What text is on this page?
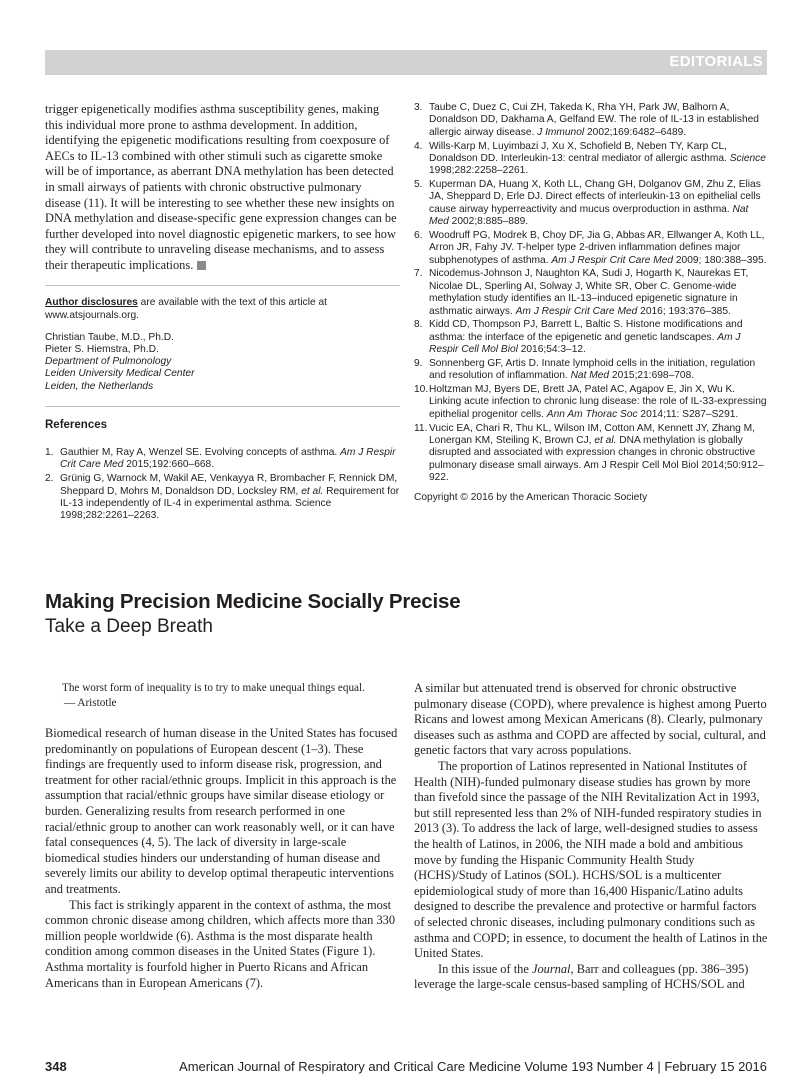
EDITORIALS

trigger epigenetically modifies asthma susceptibility genes, making this individual more prone to asthma development. In addition, identifying the epigenetic modifications resulting from coexposure of AECs to IL-13 combined with other stimuli such as cigarette smoke will be of importance, as aberrant DNA methylation has been detected in small airways of patients with chronic obstructive pulmonary disease (11). It will be interesting to see whether these new insights on DNA methylation and disease-specific gene expression changes can be further developed into novel diagnostic epigenetic markers, to see how they will contribute to unraveling disease mechanisms, and to assess their therapeutic implications.

Author disclosures are available with the text of this article at www.atsjournals.org.

Christian Taube, M.D., Ph.D.
Pieter S. Hiemstra, Ph.D.
Department of Pulmonology
Leiden University Medical Center
Leiden, the Netherlands

References

1. Gauthier M, Ray A, Wenzel SE. Evolving concepts of asthma. Am J Respir Crit Care Med 2015;192:660–668.

2. Grünig G, Warnock M, Wakil AE, Venkayya R, Brombacher F, Rennick DM, Sheppard D, Mohrs M, Donaldson DD, Locksley RM, et al. Requirement for IL-13 independently of IL-4 in experimental asthma. Science 1998;282:2261–2263.

3. Taube C, Duez C, Cui ZH, Takeda K, Rha YH, Park JW, Balhorn A, Donaldson DD, Dakhama A, Gelfand EW. The role of IL-13 in established allergic airway disease. J Immunol 2002;169:6482–6489.

4. Wills-Karp M, Luyimbazi J, Xu X, Schofield B, Neben TY, Karp CL, Donaldson DD. Interleukin-13: central mediator of allergic asthma. Science 1998;282:2258–2261.

5. Kuperman DA, Huang X, Koth LL, Chang GH, Dolganov GM, Zhu Z, Elias JA, Sheppard D, Erle DJ. Direct effects of interleukin-13 on epithelial cells cause airway hyperreactivity and mucus overproduction in asthma. Nat Med 2002;8:885–889.

6. Woodruff PG, Modrek B, Choy DF, Jia G, Abbas AR, Ellwanger A, Koth LL, Arron JR, Fahy JV. T-helper type 2-driven inflammation defines major subphenotypes of asthma. Am J Respir Crit Care Med 2009; 180:388–395.

7. Nicodemus-Johnson J, Naughton KA, Sudi J, Hogarth K, Naurekas ET, Nicolae DL, Sperling AI, Solway J, White SR, Ober C. Genome-wide methylation study identifies an IL-13–induced epigenetic signature in asthmatic airways. Am J Respir Crit Care Med 2016; 193:376–385.

8. Kidd CD, Thompson PJ, Barrett L, Baltic S. Histone modifications and asthma: the interface of the epigenetic and genetic landscapes. Am J Respir Cell Mol Biol 2016;54:3–12.

9. Sonnenberg GF, Artis D. Innate lymphoid cells in the initiation, regulation and resolution of inflammation. Nat Med 2015;21:698–708.

10. Holtzman MJ, Byers DE, Brett JA, Patel AC, Agapov E, Jin X, Wu K. Linking acute infection to chronic lung disease: the role of IL-33-expressing epithelial progenitor cells. Ann Am Thorac Soc 2014;11: S287–S291.

11. Vucic EA, Chari R, Thu KL, Wilson IM, Cotton AM, Kennett JY, Zhang M, Lonergan KM, Steiling K, Brown CJ, et al. DNA methylation is globally disrupted and associated with expression changes in chronic obstructive pulmonary disease small airways. Am J Respir Cell Mol Biol 2014;50:912–922.

Copyright © 2016 by the American Thoracic Society
Making Precision Medicine Socially Precise
Take a Deep Breath
The worst form of inequality is to try to make unequal things equal.
— Aristotle

Biomedical research of human disease in the United States has focused predominantly on populations of European descent (1–3). These findings are frequently used to inform disease risk, progression, and treatment for other racial/ethnic groups. Implicit in this approach is the assumption that racial/ethnic groups have similar disease etiology or burden. Generalizing results from research performed in one racial/ethnic group to another can work reasonably well, or it can have fatal consequences (4, 5). The lack of diversity in large-scale biomedical studies hinders our understanding of human disease and severely limits our ability to develop optimal therapeutic interventions and treatments.

This fact is strikingly apparent in the context of asthma, the most common chronic disease among children, which affects more than 330 million people worldwide (6). Asthma is the most disparate health condition among common diseases in the United States (Figure 1). Asthma mortality is fourfold higher in Puerto Ricans and African Americans than in European Americans (7).

A similar but attenuated trend is observed for chronic obstructive pulmonary disease (COPD), where prevalence is highest among Puerto Ricans and lowest among Mexican Americans (8). Clearly, pulmonary diseases such as asthma and COPD are affected by social, cultural, and genetic factors that vary across populations.

The proportion of Latinos represented in National Institutes of Health (NIH)-funded pulmonary disease studies has grown by more than fivefold since the passage of the NIH Revitalization Act in 1993, but still represented less than 2% of NIH-funded respiratory studies in 2013 (3). To address the lack of large, well-designed studies to assess the health of Latinos, in 2006, the NIH made a bold and ambitious move by funding the Hispanic Community Health Study (HCHS)/Study of Latinos (SOL). HCHS/SOL is a multicenter epidemiological study of more than 16,400 Hispanic/Latino adults designed to describe the prevalence and protective or harmful factors of selected chronic diseases, including pulmonary conditions such as asthma and COPD; in essence, to document the health of Latinos in the United States.

In this issue of the Journal, Barr and colleagues (pp. 386–395) leverage the large-scale census-based sampling of HCHS/SOL and

348	American Journal of Respiratory and Critical Care Medicine Volume 193 Number 4 | February 15 2016
